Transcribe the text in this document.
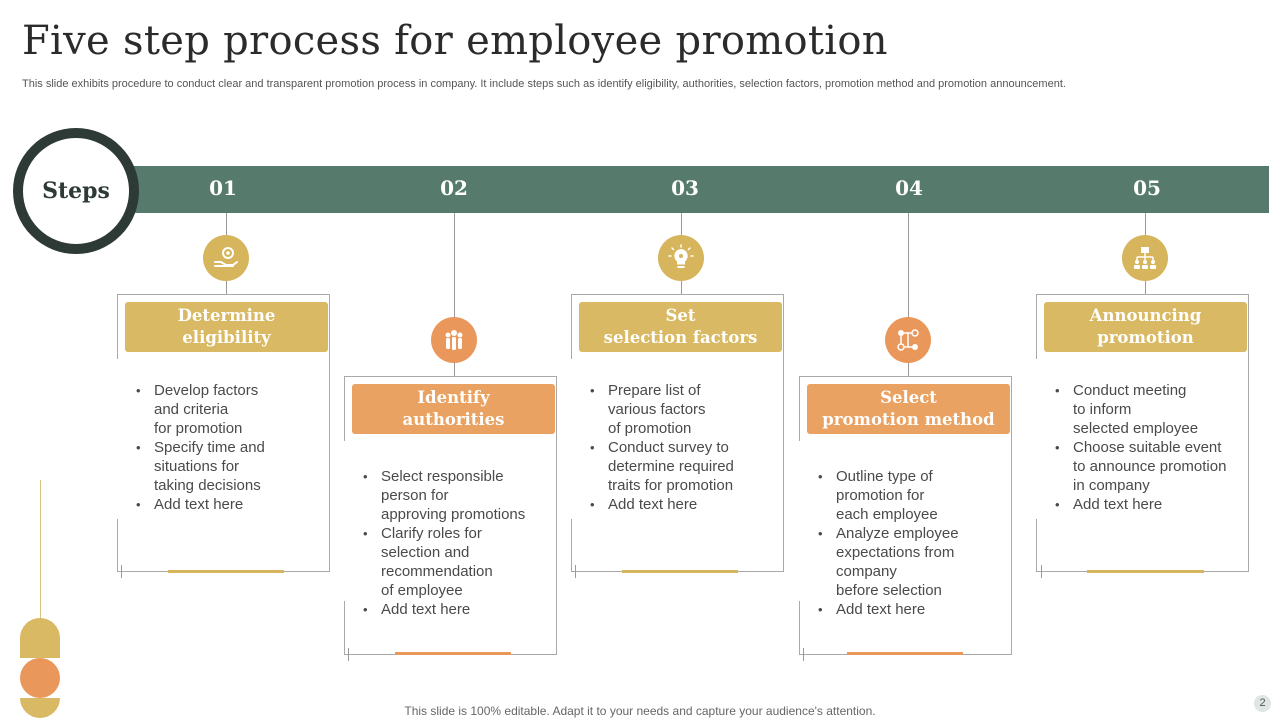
Five step process for employee promotion
This slide exhibits procedure to conduct clear and transparent promotion process in company. It include steps such as identify eligibility, authorities, selection factors, promotion method and promotion announcement.
Steps	01	02	03	04	05
Determine
eligibility
• Develop factors
and criteria
for promotion
• Specify time and
situations for
taking decisions
• Add text here
Identify
authorities
• Select responsible
person for
approving promotions
• Clarify roles for
selection and
recommendation
of employee
• Add text here
Set
selection factors
• Prepare list of
various factors
of promotion
• Conduct survey to
determine required
traits for promotion
• Add text here
Select
promotion method
• Outline type of
promotion for
each employee
• Analyze employee
expectations from
company
before selection
• Add text here
Announcing
promotion
• Conduct meeting
to inform
selected employee
• Choose suitable event
to announce promotion
in company
• Add text here
This slide is 100% editable. Adapt it to your needs and capture your audience's attention.
2
